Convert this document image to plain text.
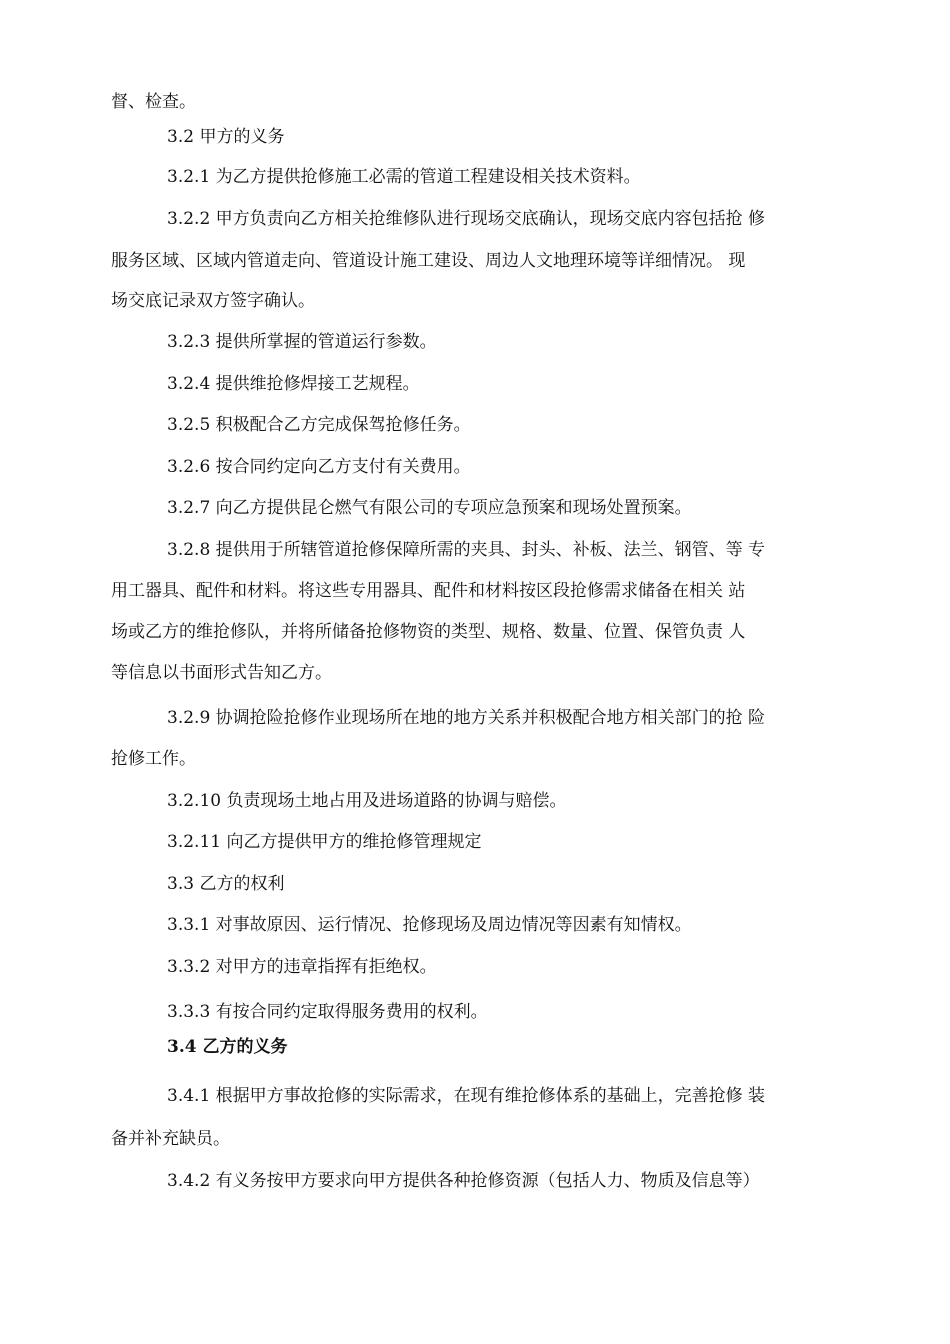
督、检查。
3.2 甲方的义务
3.2.1 为乙方提供抢修施工必需的管道工程建设相关技术资料。
3.2.2 甲方负责向乙方相关抢维修队进行现场交底确认，现场交底内容包括抢 修
服务区域、区域内管道走向、管道设计施工建设、周边人文地理环境等详细情况。 现
场交底记录双方签字确认。
3.2.3 提供所掌握的管道运行参数。
3.2.4 提供维抢修焊接工艺规程。
3.2.5 积极配合乙方完成保驾抢修任务。
3.2.6 按合同约定向乙方支付有关费用。
3.2.7 向乙方提供昆仑燃气有限公司的专项应急预案和现场处置预案。
3.2.8 提供用于所辖管道抢修保障所需的夹具、封头、补板、法兰、钢管、等 专
用工器具、配件和材料。将这些专用器具、配件和材料按区段抢修需求储备在相关 站
场或乙方的维抢修队，并将所储备抢修物资的类型、规格、数量、位置、保管负责 人
等信息以书面形式告知乙方。
3.2.9 协调抢险抢修作业现场所在地的地方关系并积极配合地方相关部门的抢 险
抢修工作。
3.2.10 负责现场土地占用及进场道路的协调与赔偿。
3.2.11 向乙方提供甲方的维抢修管理规定
3.3 乙方的权利
3.3.1 对事故原因、运行情况、抢修现场及周边情况等因素有知情权。
3.3.2 对甲方的违章指挥有拒绝权。
3.3.3 有按合同约定取得服务费用的权利。
3.4 乙方的义务
3.4.1 根据甲方事故抢修的实际需求，在现有维抢修体系的基础上，完善抢修 装
备并补充缺员。
3.4.2 有义务按甲方要求向甲方提供各种抢修资源（包括人力、物质及信息等）
